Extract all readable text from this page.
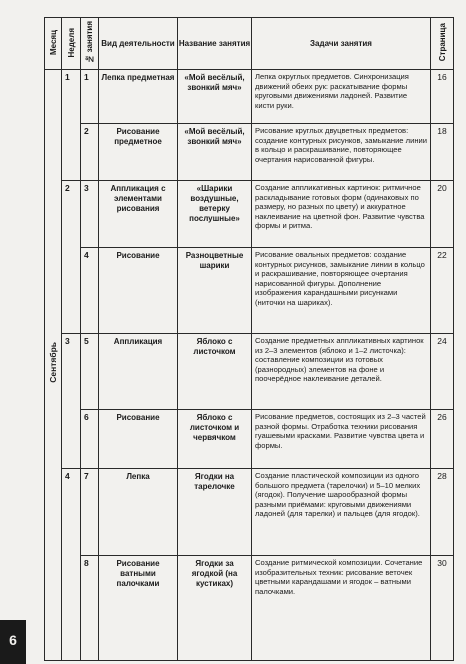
Месяц	Неделя	№ занятия	Вид деятельности	Название занятия	Задачи занятия	Страница
Сентябрь	1	1	Лепка предметная	«Мой весёлый, звонкий мяч»	Лепка округлых предметов. Синхронизация движений обеих рук: раскатывание формы круговыми движениями ладоней. Развитие кисти руки.	16
		2	Рисование предметное	«Мой весёлый, звонкий мяч»	Рисование круглых двуцветных предметов: создание контурных рисунков, замыкание линии в кольцо и раскрашивание, повторяющее очертания нарисованной фигуры.	18
	2	3	Аппликация с элементами рисования	«Шарики воздушные, ветерку послушные»	Создание аппликативных картинок: ритмичное раскладывание готовых форм (одинаковых по размеру, но разных по цвету) и аккуратное наклеивание на цветной фон. Развитие чувства формы и ритма.	20
		4	Рисование	Разноцветные шарики	Рисование овальных предметов: создание контурных рисунков, замыкание линии в кольцо и раскрашивание, повторяющее очертания нарисованной фигуры. Дополнение изображения карандашными рисунками (ниточки на шариках).	22
	3	5	Аппликация	Яблоко с листочком	Создание предметных аппликативных картинок из 2–3 элементов (яблоко и 1–2 листочка): составление композиции из готовых (разнородных) элементов на фоне и поочерёдное наклеивание деталей.	24
		6	Рисование	Яблоко с листочком и червячком	Рисование предметов, состоящих из 2–3 частей разной формы. Отработка техники рисования гуашевыми красками. Развитие чувства цвета и формы.	26
	4	7	Лепка	Ягодки на тарелочке	Создание пластической композиции из одного большого предмета (тарелочки) и 5–10 мелких (ягодок). Получение шарообразной формы разными приёмами: круговыми движениями ладоней (для тарелки) и пальцев (для ягодок).	28
		8	Рисование ватными палочками	Ягодки за ягодкой (на кустиках)	Создание ритмической композиции. Сочетание изобразительных техник: рисование веточек цветными карандашами и ягодок – ватными палочками.	30
6
